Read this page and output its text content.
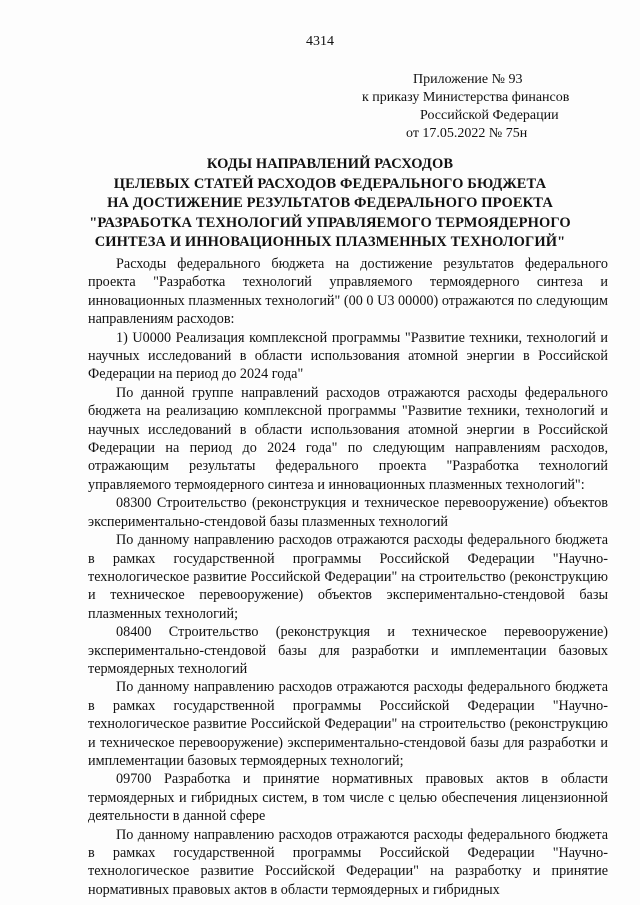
4314
Приложение № 93
к приказу Министерства финансов
Российской Федерации
от 17.05.2022 № 75н
КОДЫ НАПРАВЛЕНИЙ РАСХОДОВ
ЦЕЛЕВЫХ СТАТЕЙ РАСХОДОВ ФЕДЕРАЛЬНОГО БЮДЖЕТА
НА ДОСТИЖЕНИЕ РЕЗУЛЬТАТОВ ФЕДЕРАЛЬНОГО ПРОЕКТА
"РАЗРАБОТКА ТЕХНОЛОГИЙ УПРАВЛЯЕМОГО ТЕРМОЯДЕРНОГО
СИНТЕЗА И ИННОВАЦИОННЫХ ПЛАЗМЕННЫХ ТЕХНОЛОГИЙ"

Расходы федерального бюджета на достижение результатов федерального проекта "Разработка технологий управляемого термоядерного синтеза и инновационных плазменных технологий" (00 0 U3 00000) отражаются по следующим направлениям расходов:

1) U0000 Реализация комплексной программы "Развитие техники, технологий и научных исследований в области использования атомной энергии в Российской Федерации на период до 2024 года"

По данной группе направлений расходов отражаются расходы федерального бюджета на реализацию комплексной программы "Развитие техники, технологий и научных исследований в области использования атомной энергии в Российской Федерации на период до 2024 года" по следующим направлениям расходов, отражающим результаты федерального проекта "Разработка технологий управляемого термоядерного синтеза и инновационных плазменных технологий":

08300 Строительство (реконструкция и техническое перевооружение) объектов экспериментально-стендовой базы плазменных технологий

По данному направлению расходов отражаются расходы федерального бюджета в рамках государственной программы Российской Федерации "Научно-технологическое развитие Российской Федерации" на строительство (реконструкцию и техническое перевооружение) объектов экспериментально-стендовой базы плазменных технологий;

08400 Строительство (реконструкция и техническое перевооружение) экспериментально-стендовой базы для разработки и имплементации базовых термоядерных технологий

По данному направлению расходов отражаются расходы федерального бюджета в рамках государственной программы Российской Федерации "Научно-технологическое развитие Российской Федерации" на строительство (реконструкцию и техническое перевооружение) экспериментально-стендовой базы для разработки и имплементации базовых термоядерных технологий;

09700 Разработка и принятие нормативных правовых актов в области термоядерных и гибридных систем, в том числе с целью обеспечения лицензионной деятельности в данной сфере

По данному направлению расходов отражаются расходы федерального бюджета в рамках государственной программы Российской Федерации "Научно-технологическое развитие Российской Федерации" на разработку и принятие нормативных правовых актов в области термоядерных и гибридных
